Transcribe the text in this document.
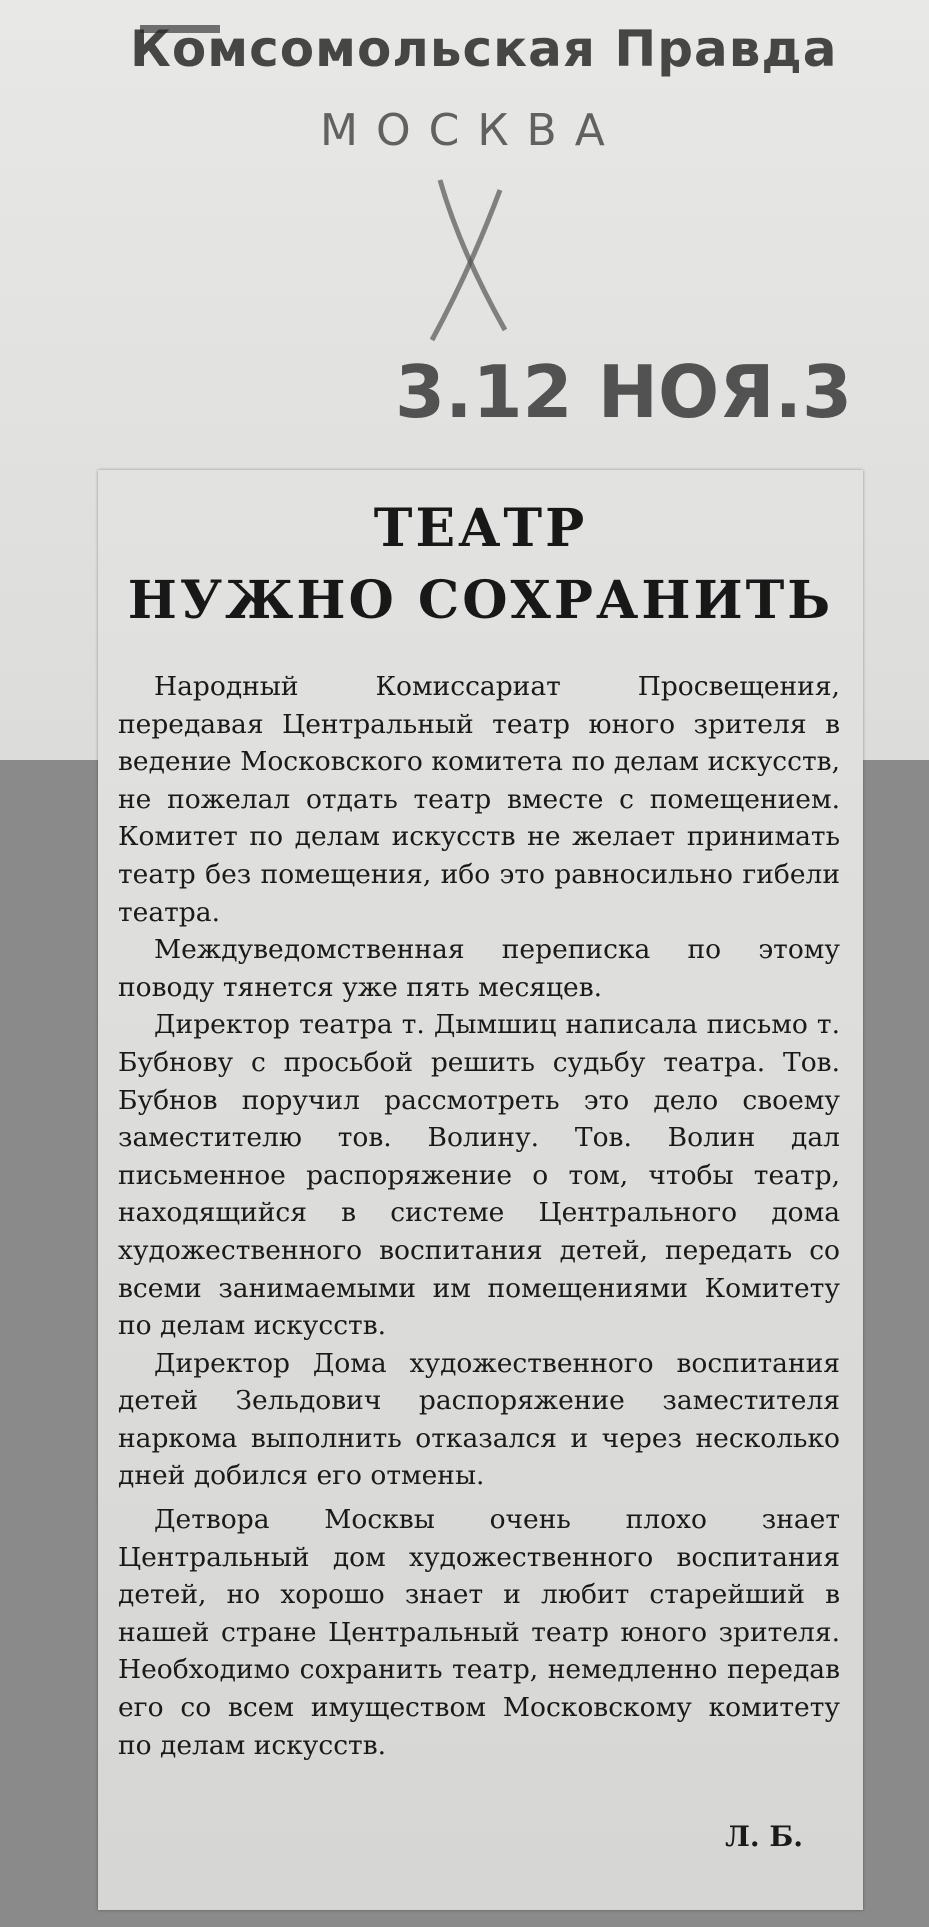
Комсомольская Правда
МОСКВА
3.12 НОЯ.3
ТЕАТР
НУЖНО СОХРАНИТЬ

Народный Комиссариат Просвещения, передавая Центральный театр юного зрителя в ведение Московского комитета по делам искусств, не пожелал отдать театр вместе с помещением. Комитет по делам искусств не желает принимать театр без помещения, ибо это равносильно гибели театра.

Междуведомственная переписка по этому поводу тянется уже пять месяцев.

Директор театра т. Дымшиц написала письмо т. Бубнову с просьбой решить судьбу театра. Тов. Бубнов поручил рассмотреть это дело своему заместителю тов. Волину. Тов. Волин дал письменное распоряжение о том, чтобы театр, находящийся в системе Центрального дома художественного воспитания детей, передать со всеми занимаемыми им помещениями Комитету по делам искусств.

Директор Дома художественного воспитания детей Зельдович распоряжение заместителя наркома выполнить отказался и через несколько дней добился его отмены.

Детвора Москвы очень плохо знает Центральный дом художественного воспитания детей, но хорошо знает и любит старейший в нашей стране Центральный театр юного зрителя. Необходимо сохранить театр, немедленно передав его со всем имуществом Московскому комитету по делам искусств.

Л. Б.
